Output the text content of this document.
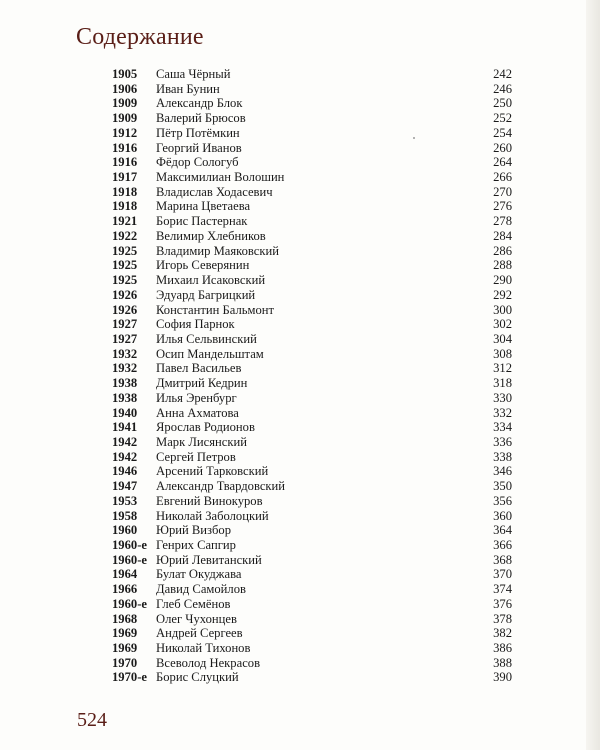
Содержание
1905 Саша Чёрный	242
1906 Иван Бунин	246
1909 Александр Блок	250
1909 Валерий Брюсов	252
1912 Пётр Потёмкин	254
1916 Георгий Иванов	260
1916 Фёдор Сологуб	264
1917 Максимилиан Волошин	266
1918 Владислав Ходасевич	270
1918 Марина Цветаева	276
1921 Борис Пастернак	278
1922 Велимир Хлебников	284
1925 Владимир Маяковский	286
1925 Игорь Северянин	288
1925 Михаил Исаковский	290
1926 Эдуард Багрицкий	292
1926 Константин Бальмонт	300
1927 София Парнок	302
1927 Илья Сельвинский	304
1932 Осип Мандельштам	308
1932 Павел Васильев	312
1938 Дмитрий Кедрин	318
1938 Илья Эренбург	330
1940 Анна Ахматова	332
1941 Ярослав Родионов	334
1942 Марк Лисянский	336
1942 Сергей Петров	338
1946 Арсений Тарковский	346
1947 Александр Твардовский	350
1953 Евгений Винокуров	356
1958 Николай Заболоцкий	360
1960 Юрий Визбор	364
1960-е Генрих Сапгир	366
1960-е Юрий Левитанский	368
1964 Булат Окуджава	370
1966 Давид Самойлов	374
1960-е Глеб Семёнов	376
1968 Олег Чухонцев	378
1969 Андрей Сергеев	382
1969 Николай Тихонов	386
1970 Всеволод Некрасов	388
1970-е Борис Слуцкий	390
524
